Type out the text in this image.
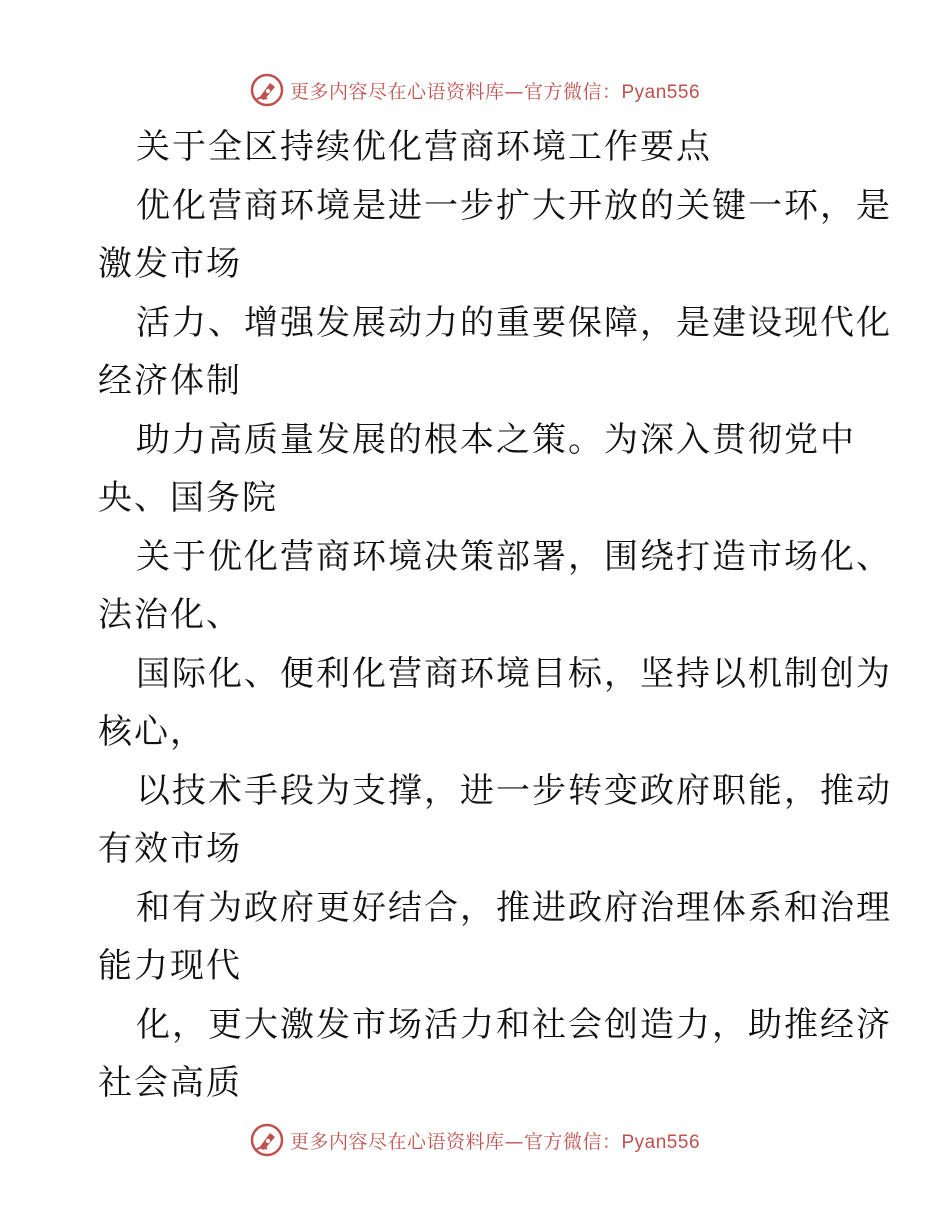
更多内容尽在心语资料库—官方微信：Pyan556
关于全区持续优化营商环境工作要点
优化营商环境是进一步扩大开放的关键一环，是
激发市场
活力、增强发展动力的重要保障，是建设现代化
经济体制
助力高质量发展的根本之策。为深入贯彻党中
央、国务院
关于优化营商环境决策部署，围绕打造市场化、
法治化、
国际化、便利化营商环境目标，坚持以机制创为
核心，
以技术手段为支撑，进一步转变政府职能，推动
有效市场
和有为政府更好结合，推进政府治理体系和治理
能力现代
化，更大激发市场活力和社会创造力，助推经济
社会高质
更多内容尽在心语资料库—官方微信：Pyan556
